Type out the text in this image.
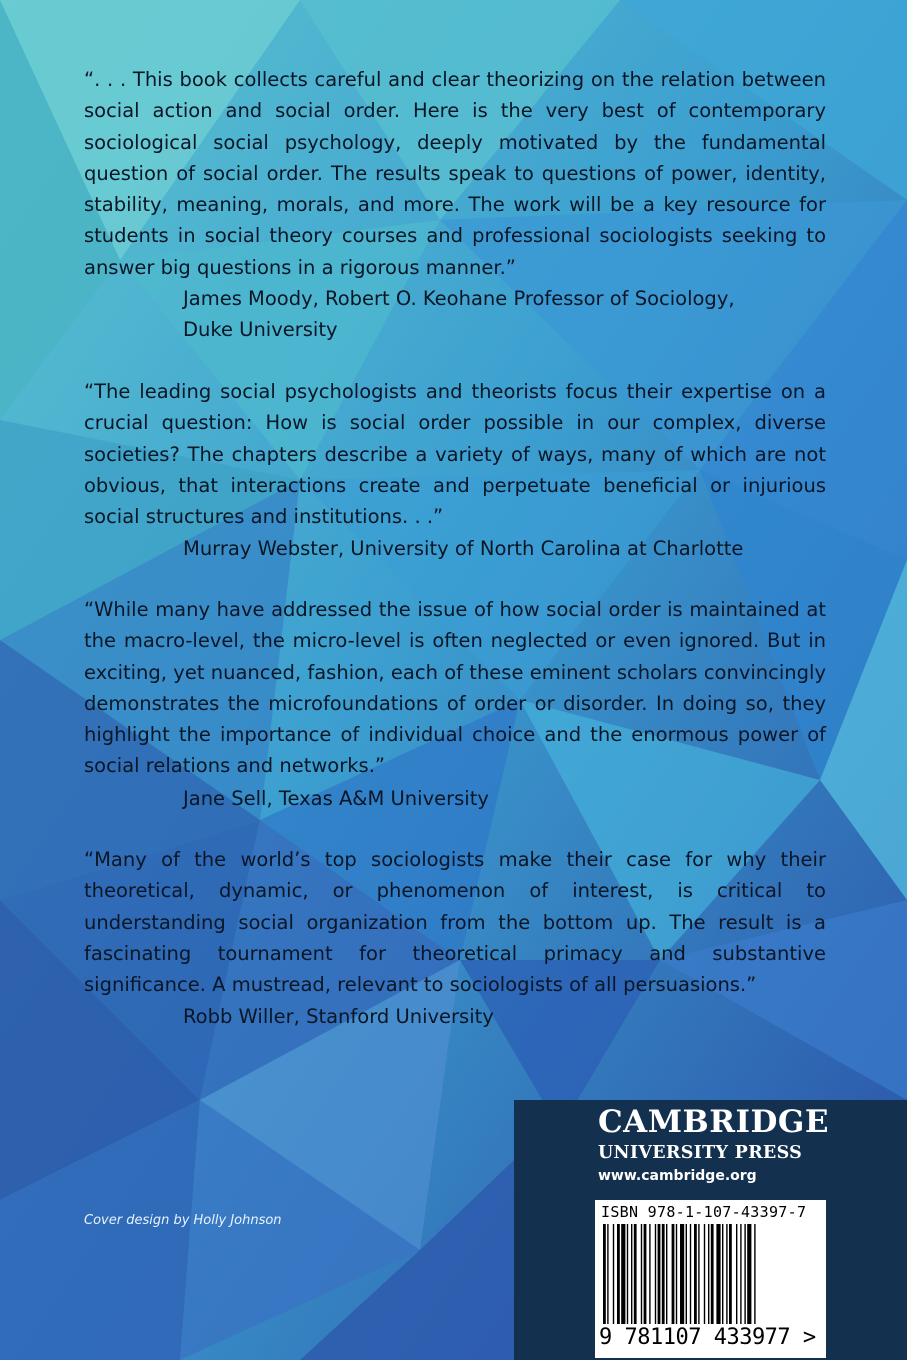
“. . . This book collects careful and clear theorizing on the relation between social action and social order. Here is the very best of contemporary sociological social psychology, deeply motivated by the fundamental question of social order. The results speak to questions of power, identity, stability, meaning, morals, and more. The work will be a key resource for students in social theory courses and professional sociologists seeking to answer big questions in a rigorous manner.”

James Moody, Robert O. Keohane Professor of Sociology,
Duke University

“The leading social psychologists and theorists focus their expertise on a crucial question: How is social order possible in our complex, diverse societies? The chapters describe a variety of ways, many of which are not obvious, that interactions create and perpetuate beneficial or injurious social structures and institutions. . .”

Murray Webster, University of North Carolina at Charlotte

“While many have addressed the issue of how social order is maintained at the macro-level, the micro-level is often neglected or even ignored. But in exciting, yet nuanced, fashion, each of these eminent scholars convincingly demonstrates the microfoundations of order or disorder. In doing so, they highlight the importance of individual choice and the enormous power of social relations and networks.”

Jane Sell, Texas A&M University

“Many of the world’s top sociologists make their case for why their theoretical, dynamic, or phenomenon of interest, is critical to understanding social organization from the bottom up. The result is a fascinating tournament for theoretical primacy and substantive significance. A mustread, relevant to sociologists of all persuasions.”

Robb Willer, Stanford University
Cover design by Holly Johnson

CAMBRIDGE

UNIVERSITY PRESS

www.cambridge.org

ISBN 978-1-107-43397-7

9 781107 433977 >
